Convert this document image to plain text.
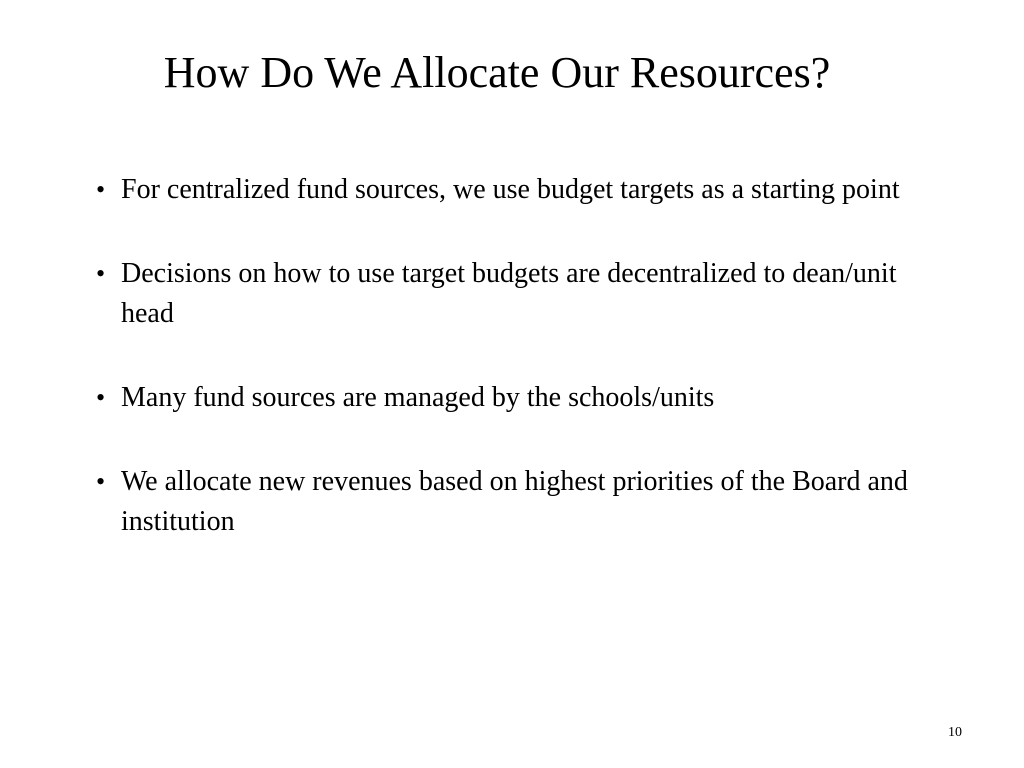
How Do We Allocate Our Resources?
• For centralized fund sources, we use budget targets as a starting point
• Decisions on how to use target budgets are decentralized to dean/unit head
• Many fund sources are managed by the schools/units
• We allocate new revenues based on highest priorities of the Board and institution
10
